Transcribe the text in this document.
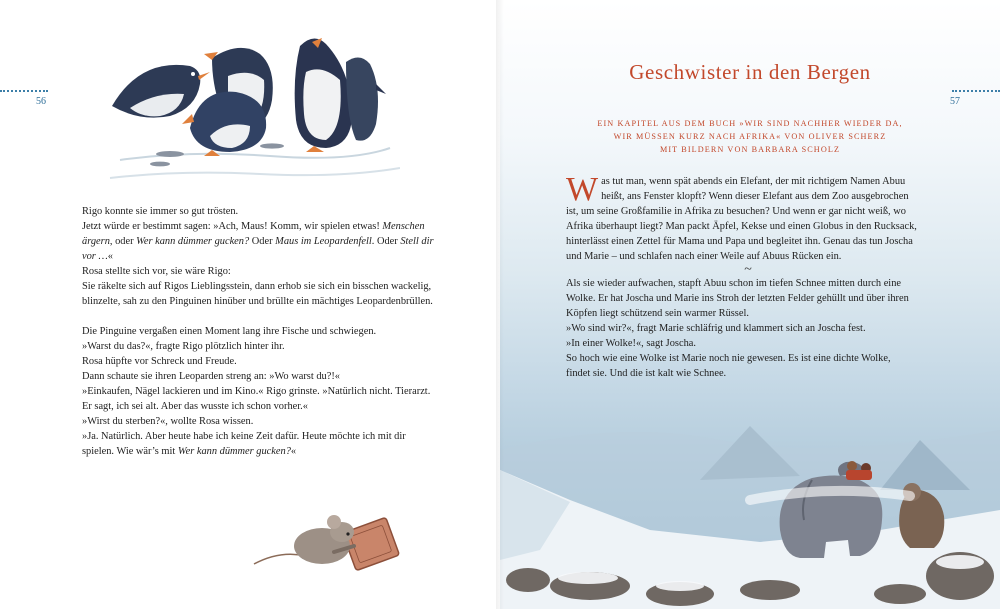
56

Rigo konnte sie immer so gut trösten.

Jetzt würde er bestimmt sagen: »Ach, Maus! Komm, wir spielen etwas! Menschen

ärgern, oder Wer kann dümmer gucken? Oder Maus im Leopardenfell. Oder Stell dir

vor …«

Rosa stellte sich vor, sie wäre Rigo:

Sie räkelte sich auf Rigos Lieblingsstein, dann erhob sie sich ein bisschen wackelig,

blinzelte, sah zu den Pinguinen hinüber und brüllte ein mächtiges Leopardenbrüllen.

Die Pinguine vergaßen einen Moment lang ihre Fische und schwiegen.

»Warst du das?«, fragte Rigo plötzlich hinter ihr.

Rosa hüpfte vor Schreck und Freude.

Dann schaute sie ihren Leoparden streng an: »Wo warst du?!«

»Einkaufen, Nägel lackieren und im Kino.« Rigo grinste. »Natürlich nicht. Tierarzt.

Er sagt, ich sei alt. Aber das wusste ich schon vorher.«

»Wirst du sterben?«, wollte Rosa wissen.

»Ja. Natürlich. Aber heute habe ich keine Zeit dafür. Heute möchte ich mit dir

spielen. Wie wär’s mit Wer kann dümmer gucken?«

57
Geschwister in den Bergen
EIN KAPITEL AUS DEM BUCH »WIR SIND NACHHER WIEDER DA,
WIR MÜSSEN KURZ NACH AFRIKA« VON OLIVER SCHERZ
MIT BILDERN VON BARBARA SCHOLZ
W as tut man, wenn spät abends ein Elefant, der mit richtigem Namen Abuu

heißt, ans Fenster klopft? Wenn dieser Elefant aus dem Zoo ausgebrochen

ist, um seine Großfamilie in Afrika zu besuchen? Und wenn er gar nicht weiß, wo

Afrika überhaupt liegt? Man packt Äpfel, Kekse und einen Globus in den Rucksack,

hinterlässt einen Zettel für Mama und Papa und begleitet ihn. Genau das tun Joscha

und Marie – und schlafen nach einer Weile auf Abuus Rücken ein.

~

Als sie wieder aufwachen, stapft Abuu schon im tiefen Schnee mitten durch eine

Wolke. Er hat Joscha und Marie ins Stroh der letzten Felder gehüllt und über ihren

Köpfen liegt schützend sein warmer Rüssel.

»Wo sind wir?«, fragt Marie schläfrig und klammert sich an Joscha fest.

»In einer Wolke!«, sagt Joscha.

So hoch wie eine Wolke ist Marie noch nie gewesen. Es ist eine dichte Wolke,

findet sie. Und die ist kalt wie Schnee.
